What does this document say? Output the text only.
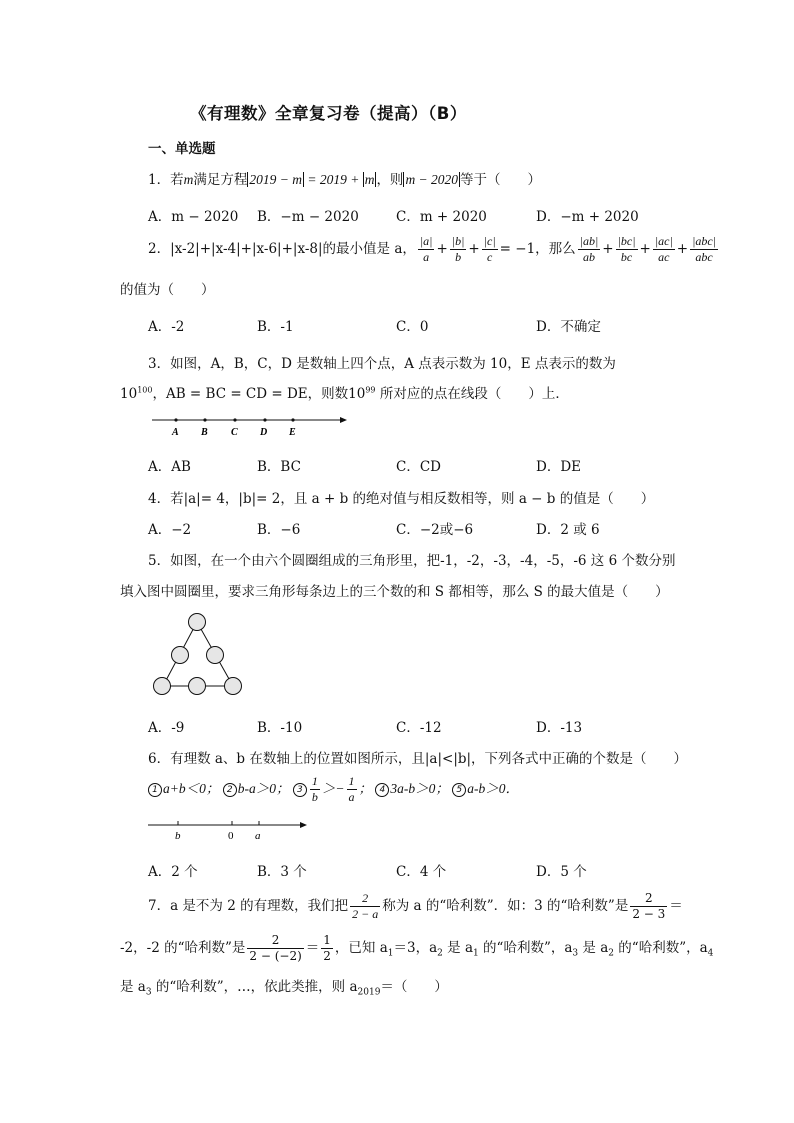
《有理数》全章复习卷（提高）（B）
一、单选题
1．若m满足方程 2019 − m = 2019 + m ，则 m − 2020 等于（　　）
A．m − 2020 B．−m − 2020	C．m + 2020	D．−m + 2020
2．|x-2|+|x-4|+|x-6|+|x-8|的最小值是 a， $\frac{|a|}{a} + \frac{|b|}{b} + \frac{|c|}{c} = -1$，那么 $\frac{|ab|}{ab} + \frac{|bc|}{bc} + \frac{|ac|}{ac} + \frac{\text{|abc|}}{\text{abc}}$
的值为（　　）
A．-2	B．-1	C．0	D．不确定
3．如图，A，B，C，D 是数轴上四个点，A 点表示数为 10，E 点表示的数为
$10^{100}$，AB = BC = CD = DE，则数$10^{99}$ 所对应的点在线段（　　）上．
A B C D E
A．AB	B．BC	C．CD	D．DE
4．若|a|= 4，|b|= 2，且 a + b 的绝对值与相反数相等，则 a − b 的值是（　　）
A．−2	B．−6	C．−2或−6	D．2 或 6
5．如图，在一个由六个圆圈组成的三角形里，把-1，-2，-3，-4，-5，-6 这 6 个数分别
填入图中圆圈里，要求三角形每条边上的三个数的和 S 都相等，那么 S 的最大值是（　　）
A．-9	B．-10	C．-12	D．-13
6．有理数 a、b 在数轴上的位置如图所示，且|a|<|b|，下列各式中正确的个数是（　　）
1 a+b＜0； 2 b-a＞0； $3 \frac{1}{b} >- \frac{1}{a}$ ； 4 3a-b＞0； 5 a-b＞0．
b	0 a
A．2 个	B．3 个	C．4 个	D．5 个
7．a 是不为 2 的有理数，我们把 $\frac{2}{2 - a}$ 称为 a 的“哈利数”．如：3 的“哈利数”是 $\frac{2}{2 - 3}$ ＝
-2，-2 的“哈利数”是 $\frac{2}{2 - (-2)} = \frac{1}{2}$ ，已知 $a_1=3$，$a_2$ 是 $a_1$ 的“哈利数”，$a_3$ 是 $a_2$ 的“哈利数”，$a_4$
是 $a_3$ 的“哈利数”，…，依此类推，则 $a_{2019}=$（　　）
